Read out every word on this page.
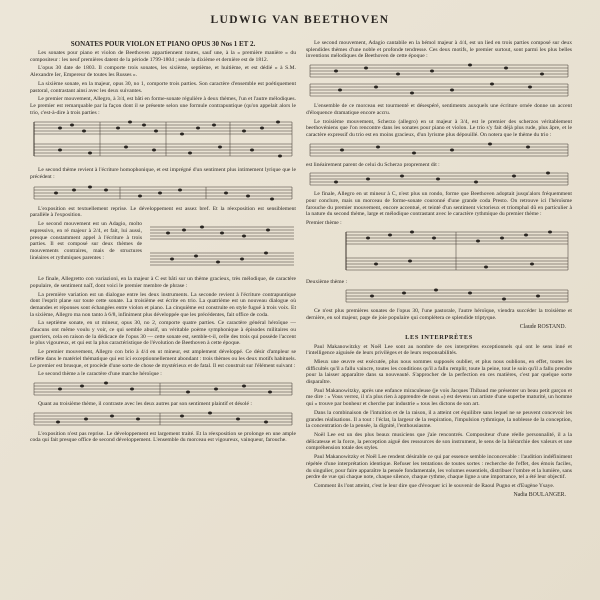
LUDWIG VAN BEETHOVEN
SONATES POUR VIOLON ET PIANO OPUS 30 Nos 1 ET 2.

Les sonates pour piano et violon de Beethoven appartiennent toutes, sauf une, à la « première manière » du compositeur : les neuf premières datent de la période 1799-1804 ; seule la dixième et dernière est de 1812.

L'opus 30 date de 1803. Il comporte trois sonates, les sixième, septième, et huitième, et est dédié « à S.M. Alexandre Ier, Empereur de toutes les Russes ».

La sixième sonate, en la majeur, opus 30, no 1, comporte trois parties. Son caractère d'ensemble est poétiquement pastoral, contrastant ainsi avec les deux suivantes.

Le premier mouvement, Allegro, à 3/4, est bâti en forme-sonate régulière à deux thèmes, l'un et l'autre mélodiques. Le premier est remarquable par la façon dont il se présente selon une formule contrapuntique (qu'on appelait alors le trio, c'est-à-dire à trois parties :

Le second thème revient à l'écriture homophonique, et est imprégné d'un sentiment plus intimement lyrique que le précédent :

L'exposition est textuellement reprise. Le développement est assez bref. Et la réexposition est sensiblement parallèle à l'exposition.

Le second mouvement est un Adagio, molto espressivo, en ré majeur à 2/4, et fait, lui aussi, presque constamment appel à l'écriture à trois parties. Il est composé sur deux thèmes de mouvements contraires, mais de structures linéaires et rythmiques parentes :

Le finale, Allegretto con variazioni, en la majeur à C est bâti sur un thème gracieux, très mélodique, de caractère populaire, de sentiment naïf, dont voici le premier membre de phrase :

La première variation est un dialogue entre les deux instruments. La seconde revient à l'écriture contrapuntique dont l'esprit plane sur toute cette sonate. La troisième est écrite en trio. La quatrième est un nouveau dialogue où demandes et réponses sont échangées entre violon et piano. La cinquième est construite en style fugué à trois voix. Et la sixième, Allegro ma non tanto à 6/8, infiniment plus développée que les précédentes, fait office de coda.

La septième sonate, en ut mineur, opus 30, no 2, comporte quatre parties. Ce caractère général héroïque — d'aucuns ont même voulu y voir, ce qui semble abusif, un véritable poème symphonique à épisodes militaires ou guerriers, cela en raison de la dédicace de l'opus 30 — cette sonate est, semble-t-il, celle des trois qui possède l'accent le plus vigoureux, et qui est la plus caractéristique de l'évolution de Beethoven à cette époque.

Le premier mouvement, Allegro con brio à 4/4 en ut mineur, est amplement développé. Ce désir d'ampleur se reflète dans le matériel thématique qui est ici exceptionnellement abondant : trois thèmes ou les deux motifs habituels. Le premier est brusque, et procède d'une sorte de chose de mystérieux et de fatal. Il est construit sur l'élément suivant :

Le second thème a le caractère d'une marche héroïque :

Quant au troisième thème, il contraste avec les deux autres par son sentiment plaintif et désolé :

L'exposition n'est pas reprise. Le développement est largement traité. Et la réexposition se prolonge en une ample coda qui fait presque office de second développement. L'ensemble du morceau est vigoureux, vainqueur, farouche.

Le second mouvement, Adagio cantabile en la bémol majeur à 4/4, est un lied en trois parties composé sur deux splendides thèmes d'une noble et profonde tendresse. Ces deux motifs, le premier surtout, sont parmi les plus belles inventions mélodiques de Beethoven de cette époque :

L'ensemble de ce morceau est tourmenté et désespéré, sentiments auxquels une écriture ornée donne un accent d'éloquence dramatique encore accru.

Le troisième mouvement, Scherzo (allegro) en ut majeur à 3/4, est le premier des scherzos véritablement beethovéniens que l'on rencontre dans les sonates pour piano et violon. Le trio s'y fait déjà plus rude, plus âpre, et le caractère expressif du trio est en moins gracieux, d'un lyrisme plus dépouillé. On notera que le thème du trio :

est linéairement parent de celui du Scherzo proprement dit :

Le finale, Allegro en ut mineur à C, n'est plus un rondo, forme que Beethoven adoptait jusqu'alors fréquemment pour conclure, mais un morceau de forme-sonate couronné d'une grande coda Presto. On retrouve ici l'héroïsme farouche du premier mouvement, encore accentué, et teinté d'un sentiment victorieux et triomphal dû en particulier à la nature du second thème, large et mélodique contrastant avec le caractère rythmique du premier thème :

Premier thème :
Deuxième thème :

Ce n'est plus premières sonates de l'opus 30, l'une pastorale, l'autre héroïque, viendra succéder la troisième et dernière, en sol majeur, page de joie populaire qui complétera ce splendide triptyque.

Claude ROSTAND.
LES INTERPRÈTES

Paul Makanowitzky et Noël Lee sont au nombre de ces interprètes exceptionnels qui ont le sens inné et l'intelligence aiguisée de leurs privilèges et de leurs responsabilités.

Mieux une œuvre est exécutée, plus nous sommes supposés oublier, et plus nous oublions, en effet, toutes les difficultés qu'il a fallu vaincre, toutes les conditions qu'il a fallu remplir, toute la peine, tout le soin qu'il a fallu prendre pour la laisser apparaître dans sa nouveauté. S'approcher de la perfection en ces matières, c'est par quelque sorte disparaître.

Paul Makanowitzky, après une enfance miraculeuse (je vois Jacques Thibaud me présenter un beau petit garçon et me dire : « Vous verrez, il n'a plus rien à apprendre de nous ») est devenu un artiste d'une superbe maturité, un homme qui « trouve par bonheur et cherche par industrie » tous les dictons de son art.

Dans la combinaison de l'intuition et de la raison, il a atteint cet équilibre sans lequel ne se peuvent concevoir les grandes réalisations. Il a tout : l'éclat, la largeur de la respiration, l'impulsion rythmique, la noblesse de la conception, la concentration de la pensée, la dignité, l'enthousiasme.

Noël Lee est un des plus beaux musiciens que j'aie rencontrés. Compositeur d'une réelle personnalité, il a la délicatesse et la force, la perception aiguë des ressources de son instrument, le sens de la hiérarchie des valeurs et une compréhension totale des styles.

Paul Makanowitzky et Noël Lee rendent désirable ce qui par essence semble inconcevable : l'audition indéfiniment répétée d'une interprétation identique. Refuser les tentations de toutes sortes : recherche de l'effet, des émois faciles, du singulier, pour faire apparaître la pensée fondamentale, les volumes essentiels, distribuer l'ombre et la lumière, sans perdre de vue qui chaque note, chaque silence, chaque rythme, chaque ligne a une importance, tel a été leur objectif.

Comment ils l'ont atteint, c'est le leur dire que d'évoquer ici le souvenir de Raoul Pugno et d'Eugène Ysaye.

Nadia BOULANGER.
